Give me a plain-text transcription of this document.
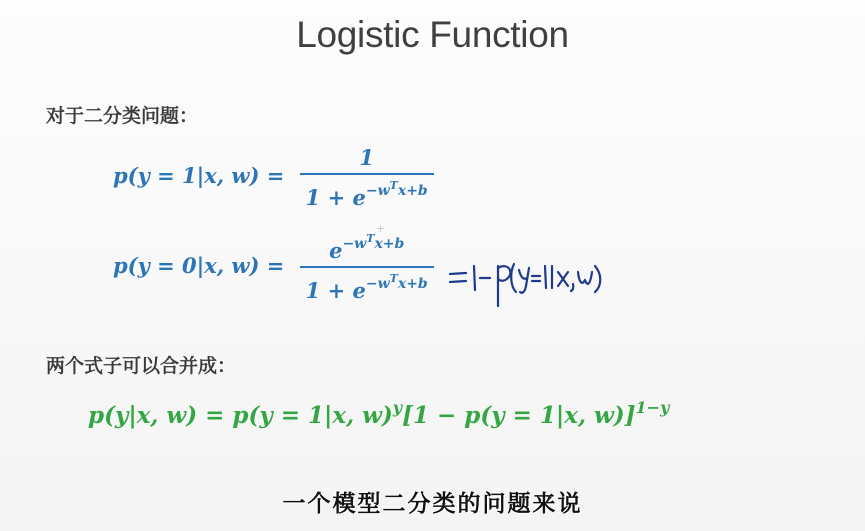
Logistic Function
对于二分类问题：
p(y = 1|x, $w) = \frac{1}{1 + e^{-w^Tx+b}}$
p(y = 0|x, $w) = \frac{e^{-w^Tx+b}}{1 + e^{-w^Tx+b}}$
+
两个式子可以合并成：
p(y|x, w) = p(y = 1|x, w)$^y$[1 − p(y = 1|x, w)]$^{1-y}$
一个模型二分类的问题来说
